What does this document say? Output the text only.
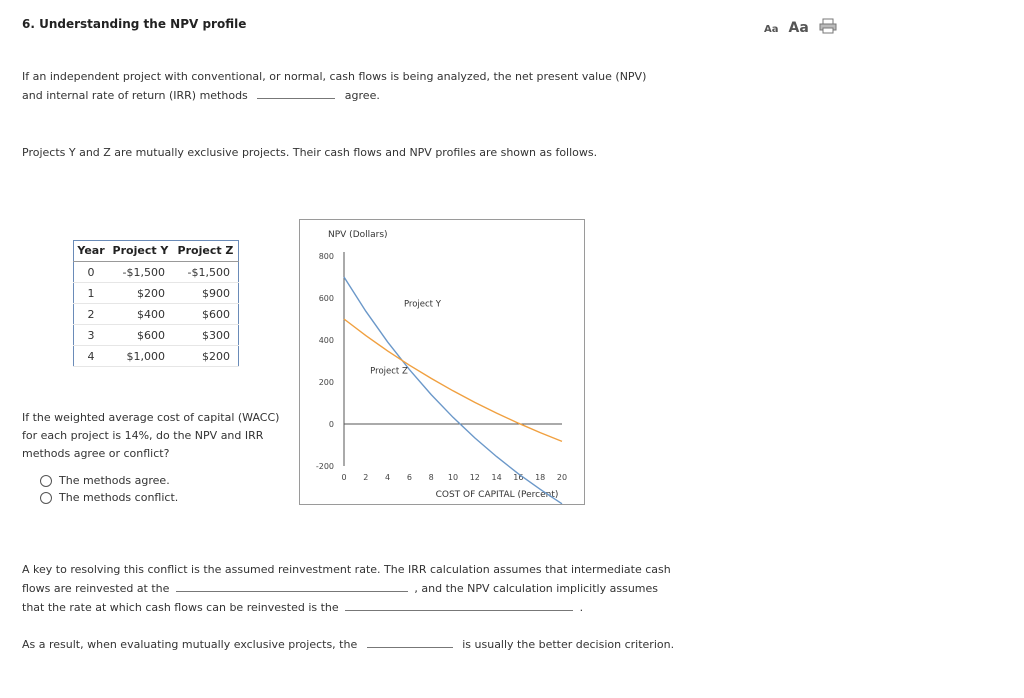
6. Understanding the NPV profile	Aa Aa
If an independent project with conventional, or normal, cash flows is being analyzed, the net present value (NPV)
and internal rate of return (IRR) methods	agree.
Projects Y and Z are mutually exclusive projects. Their cash flows and NPV profiles are shown as follows.
Year	Project Y	Project Z
0	-$1,500	-$1,500
1	$200	$900
2	$400	$600
3	$600	$300
4	$1,000	$200
If the weighted average cost of capital (WACC)
for each project is 14%, do the NPV and IRR
methods agree or conflict?
The methods agree.
The methods conflict.
NPV (Dollars)
COST OF CAPITAL (Percent)
800
600
400
200
0
-200
0 2 4 6 8 10 12 14 16 18 20
Project Y
Project Z
A key to resolving this conflict is the assumed reinvestment rate. The IRR calculation assumes that intermediate cash
flows are reinvested at the	, and the NPV calculation implicitly assumes
that the rate at which cash flows can be reinvested is the	.
As a result, when evaluating mutually exclusive projects, the	is usually the better decision criterion.
